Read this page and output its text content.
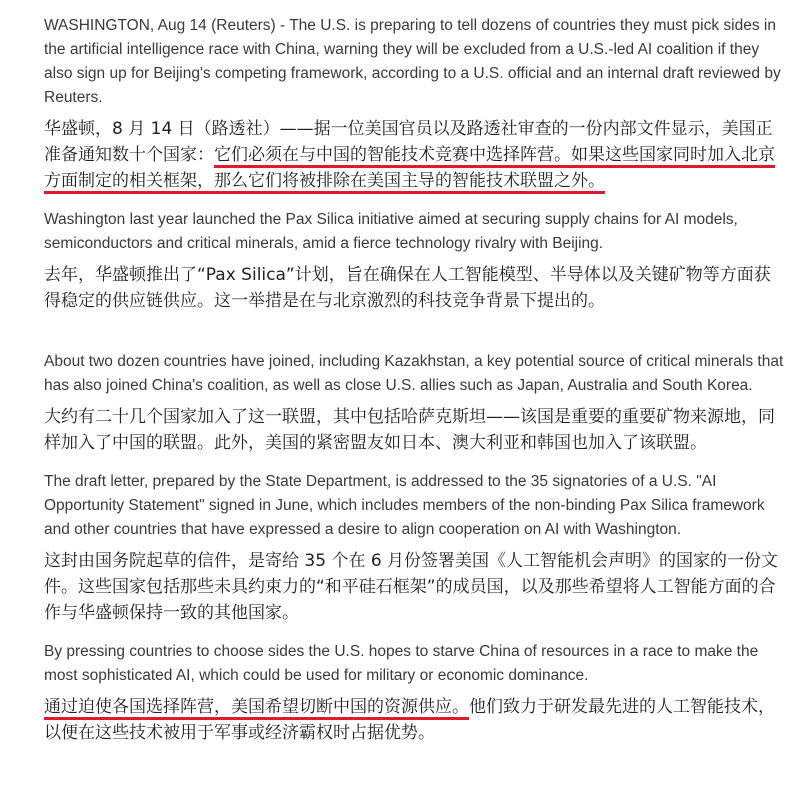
WASHINGTON, Aug 14 (Reuters) - The U.S. is preparing to tell dozens of countries they must pick sides in the artificial intelligence race with China, warning they will be excluded from a U.S.-led AI coalition if they also sign up for Beijing's competing framework, according to a U.S. official and an internal draft reviewed by Reuters.

华盛顿，8 月 14 日（路透社）——据一位美国官员以及路透社审查的一份内部文件显示，美国正准备通知数十个国家：它们必须在与中国的智能技术竞赛中选择阵营。如果这些国家同时加入北京方面制定的相关框架，那么它们将被排除在美国主导的智能技术联盟之外。

Washington last year launched the Pax Silica initiative aimed at securing supply chains for AI models, semiconductors and critical minerals, amid a fierce technology rivalry with Beijing.

去年，华盛顿推出了“Pax Silica”计划，旨在确保在人工智能模型、半导体以及关键矿物等方面获得稳定的供应链供应。这一举措是在与北京激烈的科技竞争背景下提出的。

About two dozen countries have joined, including Kazakhstan, a key potential source of critical minerals that has also joined China's coalition, as well as close U.S. allies such as Japan, Australia and South Korea.

大约有二十几个国家加入了这一联盟，其中包括哈萨克斯坦——该国是重要的重要矿物来源地，同样加入了中国的联盟。此外，美国的紧密盟友如日本、澳大利亚和韩国也加入了该联盟。

The draft letter, prepared by the State Department, is addressed to the 35 signatories of a U.S. "AI Opportunity Statement" signed in June, which includes members of the non-binding Pax Silica framework and other countries that have expressed a desire to align cooperation on AI with Washington.

这封由国务院起草的信件，是寄给 35 个在 6 月份签署美国《人工智能机会声明》的国家的一份文件。这些国家包括那些未具约束力的“和平硅石框架”的成员国，以及那些希望将人工智能方面的合作与华盛顿保持一致的其他国家。

By pressing countries to choose sides the U.S. hopes to starve China of resources in a race to make the most sophisticated AI, which could be used for military or economic dominance.

通过迫使各国选择阵营，美国希望切断中国的资源供应。他们致力于研发最先进的人工智能技术，以便在这些技术被用于军事或经济霸权时占据优势。
